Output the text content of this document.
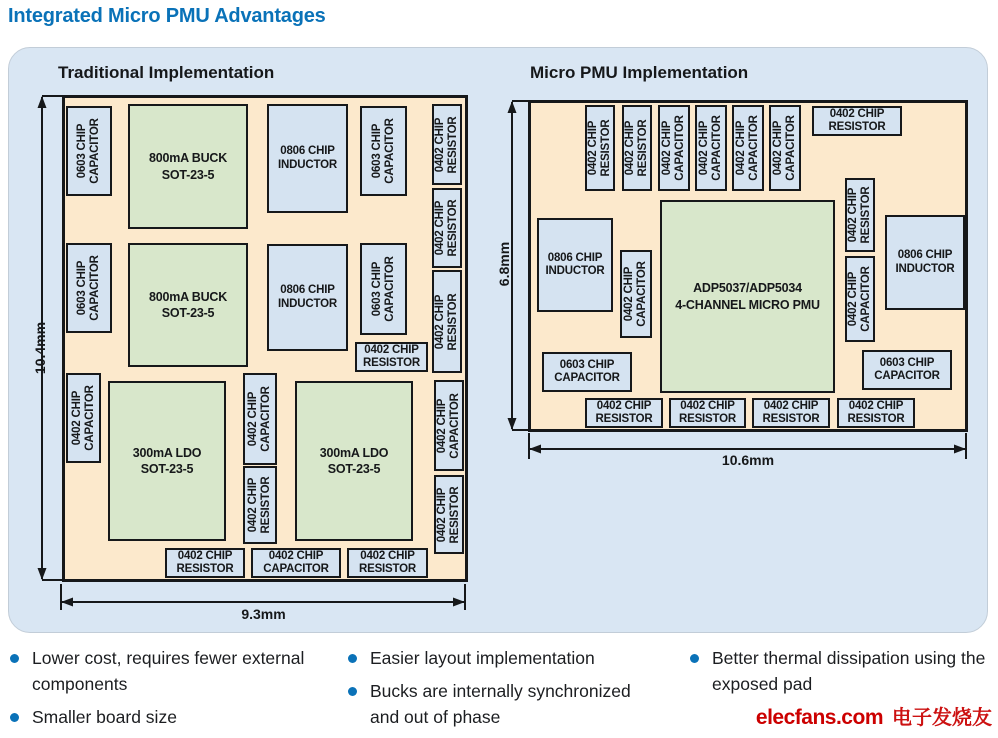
Integrated Micro PMU Advantages
Traditional Implementation	Micro PMU Implementation
0603 CHIP
CAPACITOR	800mA BUCK
SOT-23-5
0806 CHIP
INDUCTOR	0603 CHIP
CAPACITOR	0402 CHIP
RESISTOR
0603 CHIP
CAPACITOR	800mA BUCK
SOT-23-5
0806 CHIP
INDUCTOR	0603 CHIP
CAPACITOR
0402 CHIP
RESISTOR
0402 CHIP
RESISTOR
0402 CHIP
RESISTOR
0402 CHIP
CAPACITOR
300mA LDO
SOT-23-5
0402 CHIP
CAPACITOR
0402 CHIP
RESISTOR
300mA LDO
SOT-23-5
0402 CHIP
CAPACITOR
0402 CHIP
RESISTOR
0402 CHIP
RESISTOR
0402 CHIP
CAPACITOR
0402 CHIP
RESISTOR
0402 CHIP
RESISTOR 0402 CHIP
RESISTOR 0402 CHIP
CAPACITOR 0402 CHIP
CAPACITOR 0402 CHIP
CAPACITOR 0402 CHIP
CAPACITOR
0402 CHIP
RESISTOR
0806 CHIP
INDUCTOR 0402 CHIP
CAPACITOR	ADP5037/ADP5034
4-CHANNEL MICRO PMU
0402 CHIP
RESISTOR
0402 CHIP
CAPACITOR
0806 CHIP
INDUCTOR
0603 CHIP
CAPACITOR
0603 CHIP
CAPACITOR
0402 CHIP
RESISTOR
0402 CHIP
RESISTOR
0402 CHIP
RESISTOR
0402 CHIP
RESISTOR
10.4mm
9.3mm
6.8mm
10.6mm
Lower cost, requires fewer external components
Smaller board size
Easier layout implementation
Bucks are internally synchronized and out of phase
Better thermal dissipation using the exposed pad
elecfans.com 电子发烧友
